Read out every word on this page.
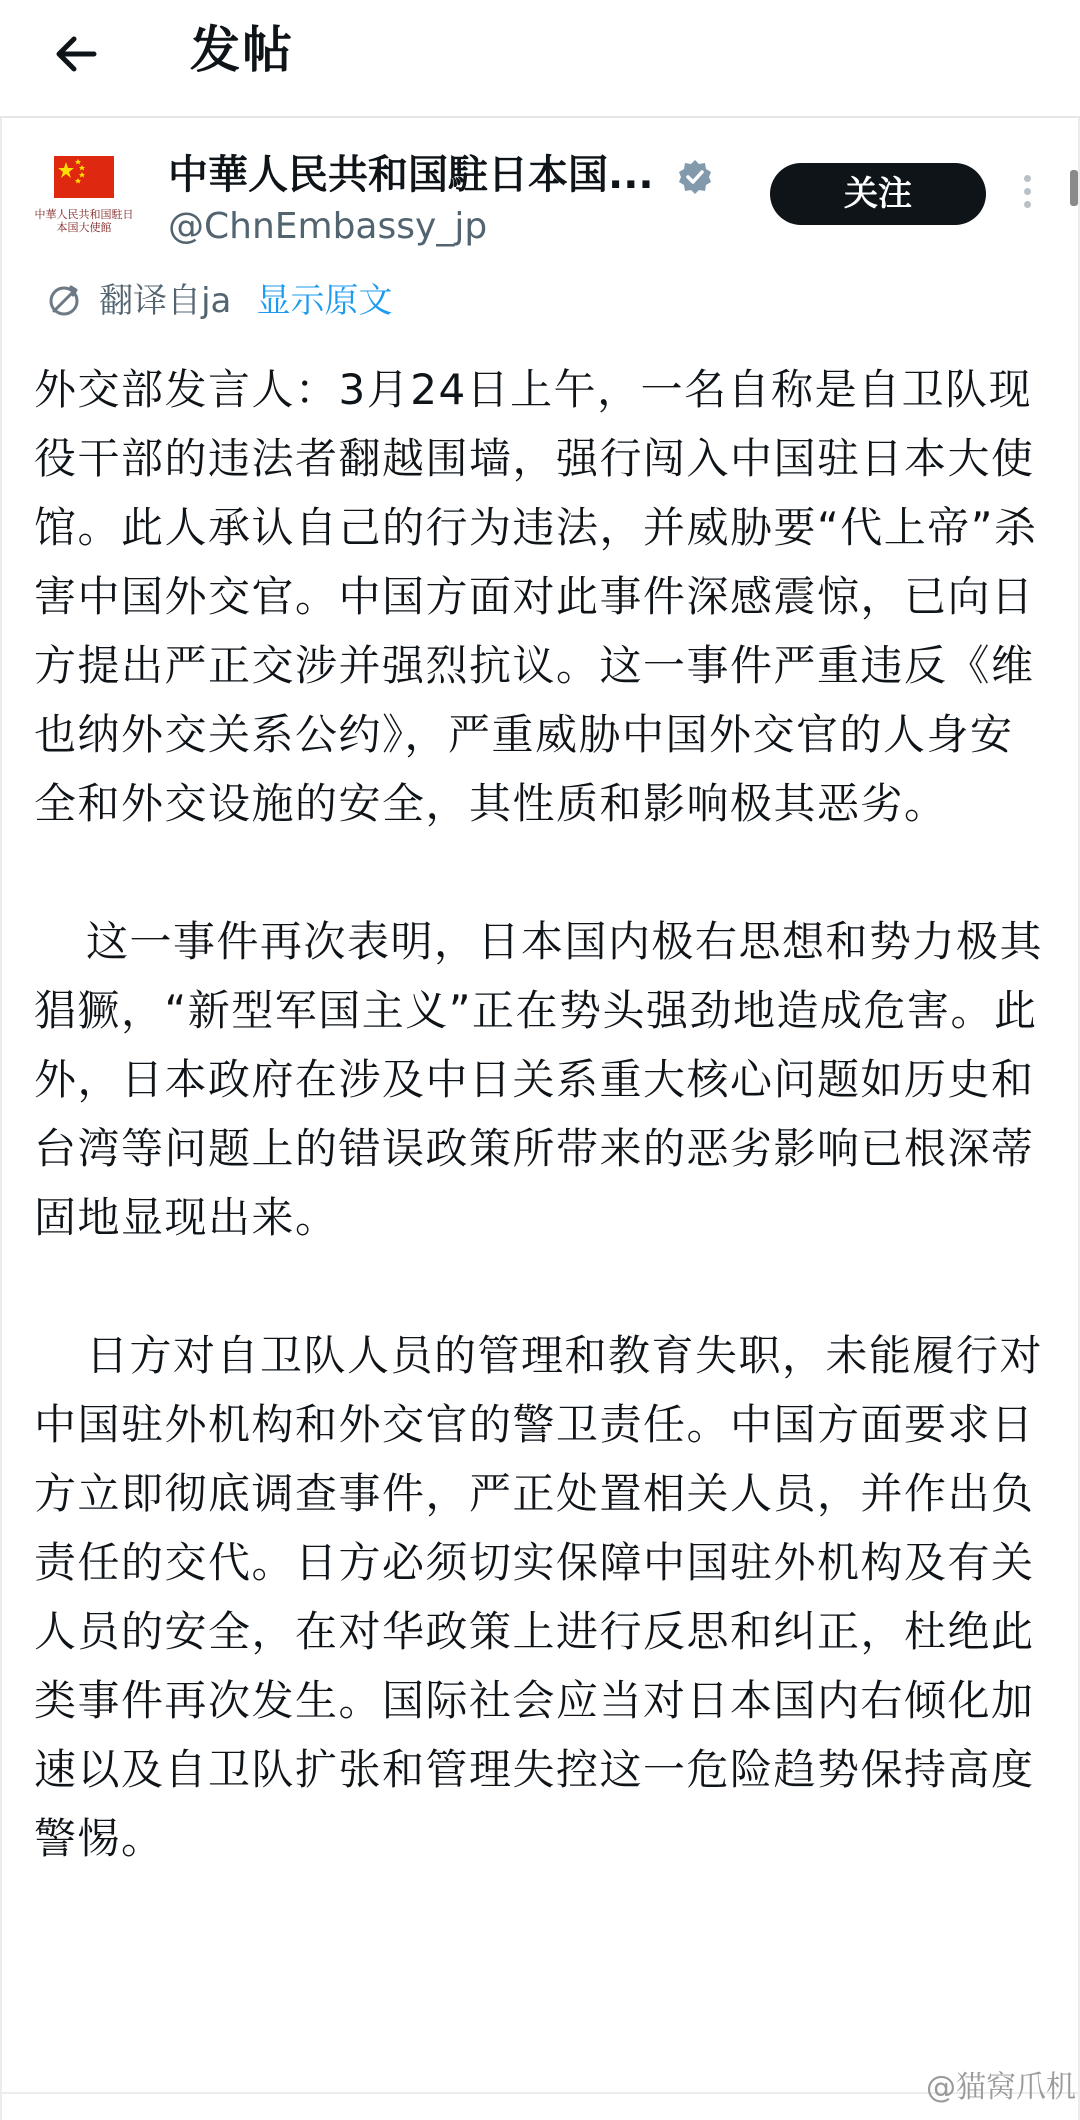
发帖
中華人民共和国駐日本国大使館
中華人民共和国駐日本国...
@ChnEmbassy_jp
关注
翻译自ja 显示原文

外交部发言人：3月24日上午，一名自称是自卫队现役干部的违法者翻越围墙，强行闯入中国驻日本大使馆。此人承认自己的行为违法，并威胁要“代上帝”杀害中国外交官。中国方面对此事件深感震惊，已向日方提出严正交涉并强烈抗议。这一事件严重违反《维也纳外交关系公约》，严重威胁中国外交官的人身安全和外交设施的安全，其性质和影响极其恶劣。

这一事件再次表明，日本国内极右思想和势力极其猖獗，“新型军国主义”正在势头强劲地造成危害。此外，日本政府在涉及中日关系重大核心问题如历史和台湾等问题上的错误政策所带来的恶劣影响已根深蒂固地显现出来。

日方对自卫队人员的管理和教育失职，未能履行对中国驻外机构和外交官的警卫责任。中国方面要求日方立即彻底调查事件，严正处置相关人员，并作出负责任的交代。日方必须切实保障中国驻外机构及有关人员的安全，在对华政策上进行反思和纠正，杜绝此类事件再次发生。国际社会应当对日本国内右倾化加速以及自卫队扩张和管理失控这一危险趋势保持高度警惕。

@猫窝爪机
